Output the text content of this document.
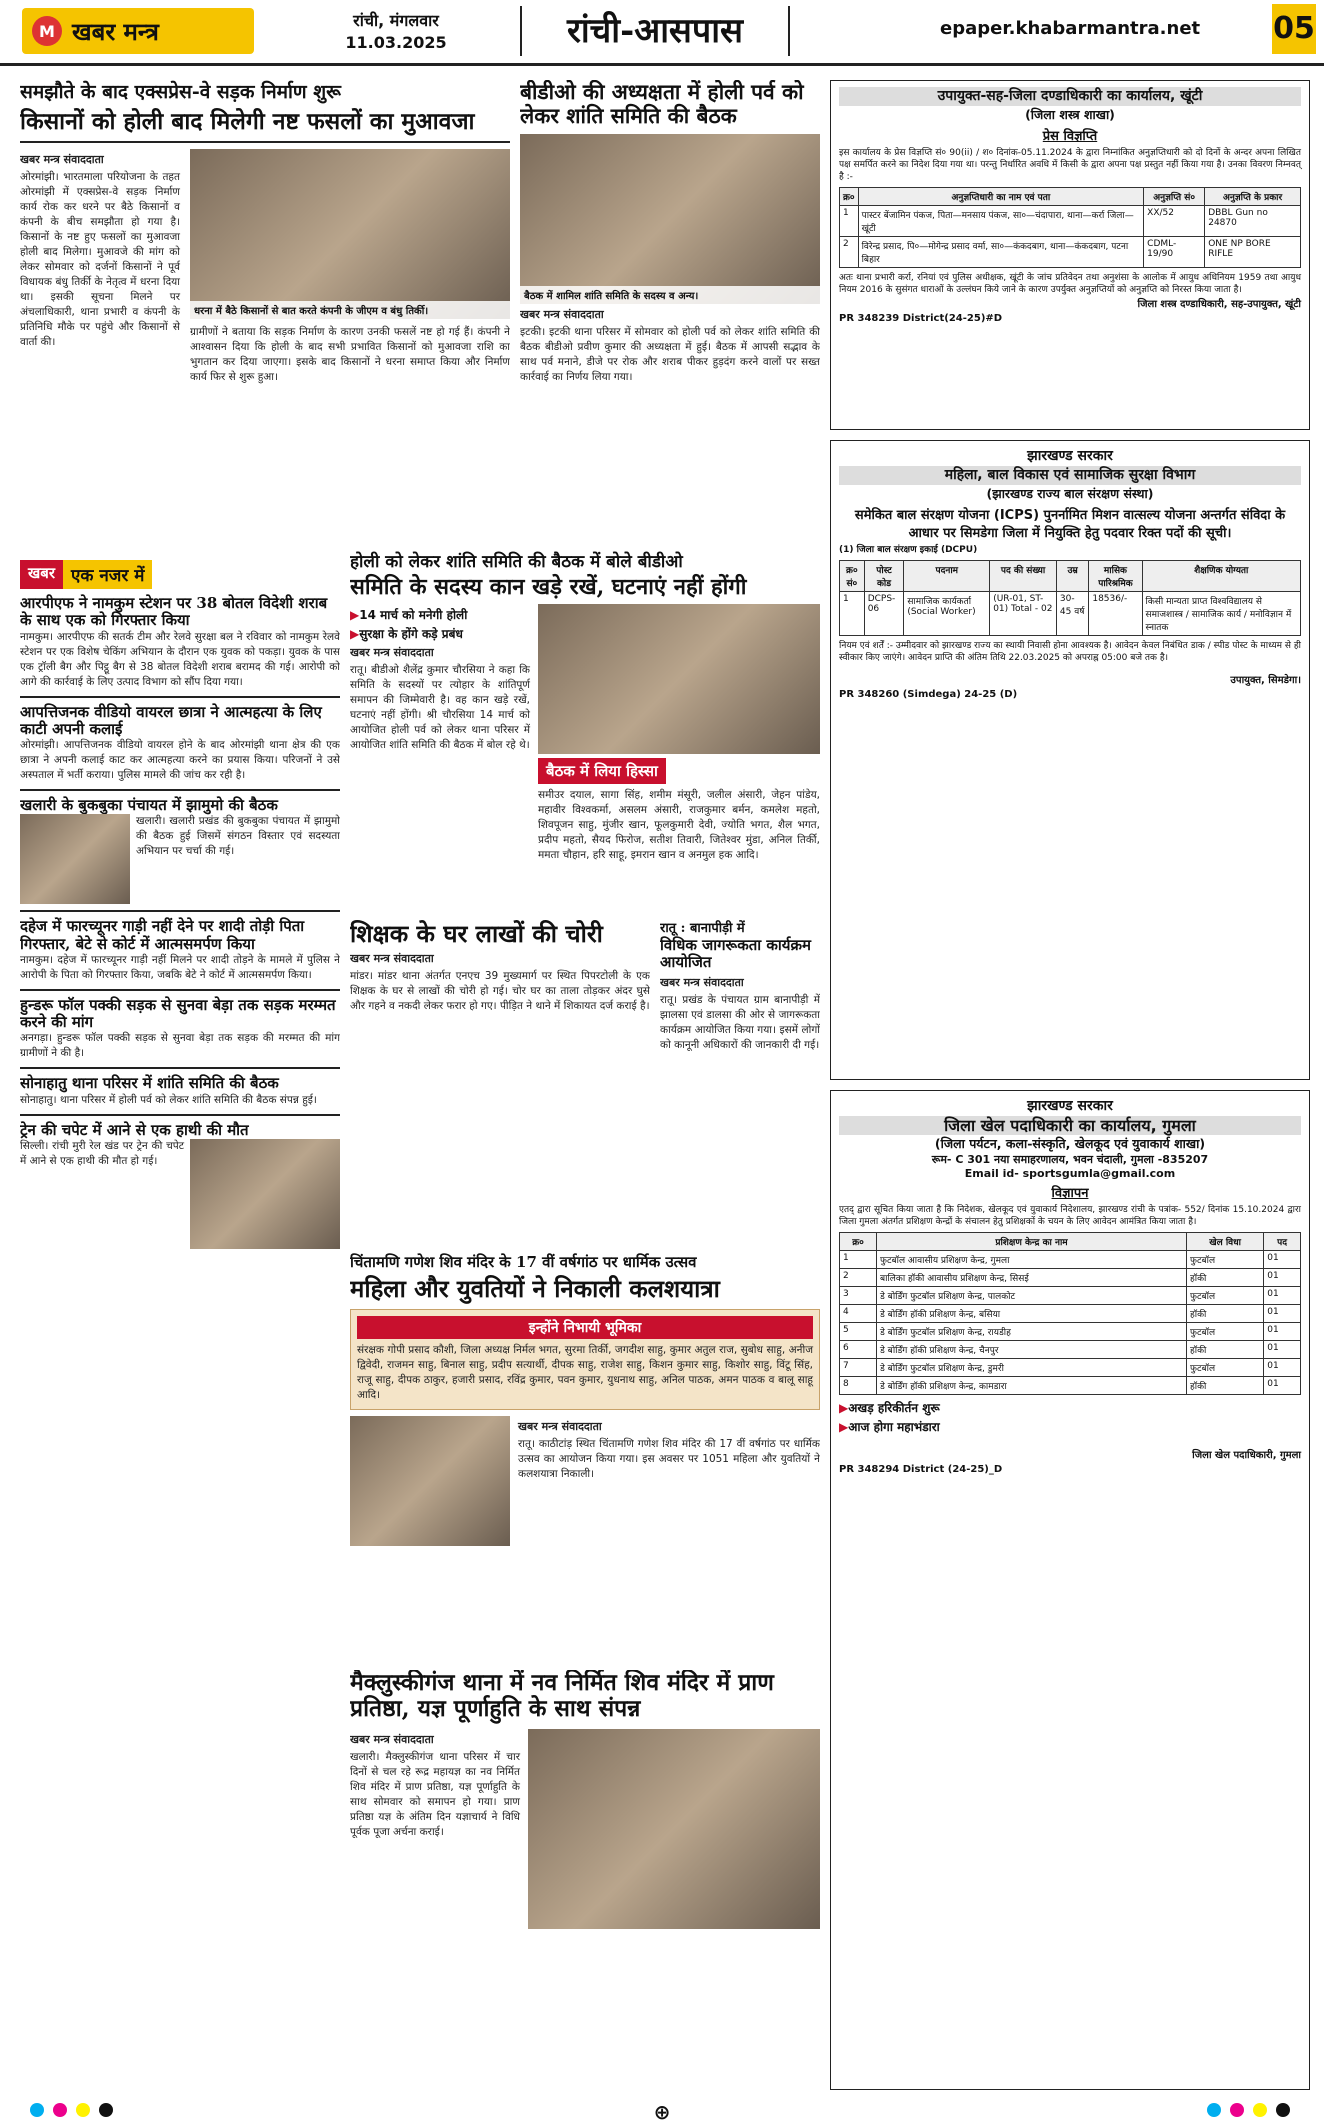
M खबर मन्त्र	रांची, मंगलवार
11.03.2025	रांची-आसपास	epaper.khabarmantra.net 05
समझौते के बाद एक्सप्रेस-वे सड़क निर्माण शुरू
किसानों को होली बाद मिलेगी नष्ट फसलों का मुआवजा
खबर मन्त्र संवाददाता
ओरमांझी। भारतमाला परियोजना के तहत ओरमांझी में एक्सप्रेस-वे सड़क निर्माण कार्य रोक कर धरने पर बैठे किसानों व कंपनी के बीच समझौता हो गया है। किसानों के नष्ट हुए फसलों का मुआवजा होली बाद मिलेगा। मुआवजे की मांग को लेकर सोमवार को दर्जनों किसानों ने पूर्व विधायक बंधु तिर्की के नेतृत्व में धरना दिया था। इसकी सूचना मिलने पर अंचलाधिकारी, थाना प्रभारी व कंपनी के प्रतिनिधि मौके पर पहुंचे और किसानों से वार्ता की।
धरना में बैठे किसानों से बात करते कंपनी के जीएम व बंधु तिर्की।
ग्रामीणों ने बताया कि सड़क निर्माण के कारण उनकी फसलें नष्ट हो गई हैं। कंपनी ने आश्वासन दिया कि होली के बाद सभी प्रभावित किसानों को मुआवजा राशि का भुगतान कर दिया जाएगा। इसके बाद किसानों ने धरना समाप्त किया और निर्माण कार्य फिर से शुरू हुआ।
बीडीओ की अध्यक्षता में होली पर्व को लेकर शांति समिति की बैठक
बैठक में शामिल शांति समिति के सदस्य व अन्य।
खबर मन्त्र संवाददाता
इटकी। इटकी थाना परिसर में सोमवार को होली पर्व को लेकर शांति समिति की बैठक बीडीओ प्रवीण कुमार की अध्यक्षता में हुई। बैठक में आपसी सद्भाव के साथ पर्व मनाने, डीजे पर रोक और शराब पीकर हुड़दंग करने वालों पर सख्त कार्रवाई का निर्णय लिया गया।
खबर एक नजर में
आरपीएफ ने नामकुम स्टेशन पर 38 बोतल विदेशी शराब के साथ एक को गिरफ्तार किया
नामकुम। आरपीएफ की सतर्क टीम और रेलवे सुरक्षा बल ने रविवार को नामकुम रेलवे स्टेशन पर एक विशेष चेकिंग अभियान के दौरान एक युवक को पकड़ा। युवक के पास एक ट्रॉली बैग और पिट्ठू बैग से 38 बोतल विदेशी शराब बरामद की गई। आरोपी को आगे की कार्रवाई के लिए उत्पाद विभाग को सौंप दिया गया।
आपत्तिजनक वीडियो वायरल छात्रा ने आत्महत्या के लिए काटी अपनी कलाई
ओरमांझी। आपत्तिजनक वीडियो वायरल होने के बाद ओरमांझी थाना क्षेत्र की एक छात्रा ने अपनी कलाई काट कर आत्महत्या करने का प्रयास किया। परिजनों ने उसे अस्पताल में भर्ती कराया। पुलिस मामले की जांच कर रही है।
खलारी के बुकबुका पंचायत में झामुमो की बैठक
खलारी। खलारी प्रखंड की बुकबुका पंचायत में झामुमो की बैठक हुई जिसमें संगठन विस्तार एवं सदस्यता अभियान पर चर्चा की गई।
दहेज में फारच्यूनर गाड़ी नहीं देने पर शादी तोड़ी पिता गिरफ्तार, बेटे से कोर्ट में आत्मसमर्पण किया
नामकुम। दहेज में फारच्यूनर गाड़ी नहीं मिलने पर शादी तोड़ने के मामले में पुलिस ने आरोपी के पिता को गिरफ्तार किया, जबकि बेटे ने कोर्ट में आत्मसमर्पण किया।
हुन्डरू फॉल पक्की सड़क से सुनवा बेड़ा तक सड़क मरम्मत करने की मांग
अनगड़ा। हुन्डरू फॉल पक्की सड़क से सुनवा बेड़ा तक सड़क की मरम्मत की मांग ग्रामीणों ने की है।
सोनाहातु थाना परिसर में शांति समिति की बैठक
सोनाहातु। थाना परिसर में होली पर्व को लेकर शांति समिति की बैठक संपन्न हुई।
ट्रेन की चपेट में आने से एक हाथी की मौत
सिल्ली। रांची मुरी रेल खंड पर ट्रेन की चपेट में आने से एक हाथी की मौत हो गई।
होली को लेकर शांति समिति की बैठक में बोले बीडीओ
समिति के सदस्य कान खड़े रखें, घटनाएं नहीं होंगी
▶ 14 मार्च को मनेगी होली
▶ सुरक्षा के होंगे कड़े प्रबंध
खबर मन्त्र संवाददाता
रातू। बीडीओ शैलेंद्र कुमार चौरसिया ने कहा कि समिति के सदस्यों पर त्योहार के शांतिपूर्ण समापन की जिम्मेवारी है। वह कान खड़े रखें, घटनाएं नहीं होंगी। श्री चौरसिया 14 मार्च को आयोजित होली पर्व को लेकर थाना परिसर में आयोजित शांति समिति की बैठक में बोल रहे थे।
बैठक में लिया हिस्सा
समीउर दयाल, सागा सिंह, शमीम मंसूरी, जलील अंसारी, जेहन पांडेय, महावीर विश्वकर्मा, असलम अंसारी, राजकुमार बर्मन, कमलेश महतो, शिवपूजन साहु, मुंजीर खान, फूलकुमारी देवी, ज्योति भगत, शैल भगत, प्रदीप महतो, सैयद फिरोज, सतीश तिवारी, जितेश्वर मुंडा, अनिल तिर्की, ममता चौहान, हरि साहू, इमरान खान व अनमुल हक आदि।
शिक्षक के घर लाखों की चोरी
खबर मन्त्र संवाददाता
मांडर। मांडर थाना अंतर्गत एनएच 39 मुख्यमार्ग पर स्थित पिपरटोली के एक शिक्षक के घर से लाखों की चोरी हो गई। चोर घर का ताला तोड़कर अंदर घुसे और गहने व नकदी लेकर फरार हो गए। पीड़ित ने थाने में शिकायत दर्ज कराई है।
रातू : बानापीड़ी में
विधिक जागरूकता कार्यक्रम आयोजित
खबर मन्त्र संवाददाता
रातू। प्रखंड के पंचायत ग्राम बानापीड़ी में झालसा एवं डालसा की ओर से जागरूकता कार्यक्रम आयोजित किया गया। इसमें लोगों को कानूनी अधिकारों की जानकारी दी गई।
चिंतामणि गणेश शिव मंदिर के 17 वीं वर्षगांठ पर धार्मिक उत्सव
महिला और युवतियों ने निकाली कलशयात्रा
इन्होंने निभायी भूमिका
संरक्षक गोपी प्रसाद कौशी, जिला अध्यक्ष निर्मल भगत, सुरमा तिर्की, जगदीश साहु, कुमार अतुल राज, सुबोध साहु, अनीज द्विवेदी, राजमन साहु, बिनाल साहु, प्रदीप सत्यार्थी, दीपक साहु, राजेश साहु, किशन कुमार साहु, किशोर साहु, विंटू सिंह, राजू साहु, दीपक ठाकुर, हजारी प्रसाद, रविंद्र कुमार, पवन कुमार, युधनाथ साहु, अनिल पाठक, अमन पाठक व बालू साहू आदि।
खबर मन्त्र संवाददाता
रातू। काठीटांड़ स्थित चिंतामणि गणेश शिव मंदिर की 17 वीं वर्षगांठ पर धार्मिक उत्सव का आयोजन किया गया। इस अवसर पर 1051 महिला और युवतियों ने कलशयात्रा निकाली।
मैक्लुस्कीगंज थाना में नव निर्मित शिव मंदिर में प्राण प्रतिष्ठा, यज्ञ पूर्णाहुति के साथ संपन्न
खबर मन्त्र संवाददाता
खलारी। मैक्लुस्कीगंज थाना परिसर में चार दिनों से चल रहे रूद्र महायज्ञ का नव निर्मित शिव मंदिर में प्राण प्रतिष्ठा, यज्ञ पूर्णाहुति के साथ सोमवार को समापन हो गया। प्राण प्रतिष्ठा यज्ञ के अंतिम दिन यज्ञाचार्य ने विधि पूर्वक पूजा अर्चना कराई।
उपायुक्त-सह-जिला दण्डाधिकारी का कार्यालय, खूंटी
(जिला शस्त्र शाखा)
प्रेस विज्ञप्ति
इस कार्यालय के प्रेस विज्ञप्ति सं० 90(ii) / श० दिनांक-05.11.2024 के द्वारा निम्नांकित अनुज्ञप्तिधारी को दो दिनों के अन्दर अपना लिखित पक्ष समर्पित करने का निदेश दिया गया था। परन्तु निर्धारित अवधि में किसी के द्वारा अपना पक्ष प्रस्तुत नहीं किया गया है। उनका विवरण निम्नवत् है :-
क्र०	अनुज्ञप्तिधारी का नाम एवं पता	अनुज्ञप्ति सं०	अनुज्ञप्ति के प्रकार
1	पास्टर बेंजामिन पंकज, पिता—मनसाय पंकज, सा०—चंदापारा, थाना—कर्रा जिला—खूंटी	XX/52	DBBL Gun no 24870
2	विरेन्द्र प्रसाद, पि०—मोगेन्द्र प्रसाद वर्मा, सा०—कंकदबाग, थाना—कंकदबाग, पटना बिहार	CDML-19/90	ONE NP BORE RIFLE
अतः थाना प्रभारी कर्रा, रनियां एवं पुलिस अधीक्षक, खूंटी के जांच प्रतिवेदन तथा अनुशंसा के आलोक में आयुध अधिनियम 1959 तथा आयुध नियम 2016 के सुसंगत धाराओं के उल्लंघन किये जाने के कारण उपर्युक्त अनुज्ञप्तियों को अनुज्ञप्ति को निरस्त किया जाता है।
जिला शस्त्र दण्डाधिकारी, सह-उपायुक्त, खूंटी
PR 348239 District(24-25)#D
झारखण्ड सरकार
महिला, बाल विकास एवं सामाजिक सुरक्षा विभाग
(झारखण्ड राज्य बाल संरक्षण संस्था)
समेकित बाल संरक्षण योजना (ICPS) पुनर्नामित मिशन वात्सल्य योजना अन्तर्गत संविदा के आधार पर सिमडेगा जिला में नियुक्ति हेतु पदवार रिक्त पदों की सूची।
(1) जिला बाल संरक्षण इकाई (DCPU)
क्र० सं०	पोस्ट कोड	पदनाम	पद की संख्या	उम्र	मासिक पारिश्रमिक	शैक्षणिक योग्यता
1	DCPS-06	सामाजिक कार्यकर्ता (Social Worker)	(UR-01, ST-01) Total - 02	30-45 वर्ष	18536/-	किसी मान्यता प्राप्त विश्वविद्यालय से समाजशास्त्र / सामाजिक कार्य / मनोविज्ञान में स्नातक
नियम एवं शर्तें :- उम्मीदवार को झारखण्ड राज्य का स्थायी निवासी होना आवश्यक है। आवेदन केवल निबंधित डाक / स्पीड पोस्ट के माध्यम से ही स्वीकार किए जाएंगे। आवेदन प्राप्ति की अंतिम तिथि 22.03.2025 को अपराह्न 05:00 बजे तक है।
उपायुक्त, सिमडेगा।
PR 348260 (Simdega) 24-25 (D)
झारखण्ड सरकार
जिला खेल पदाधिकारी का कार्यालय, गुमला
(जिला पर्यटन, कला-संस्कृति, खेलकूद एवं युवाकार्य शाखा)
रूम- C 301 नया समाहरणालय, भवन चंदाली, गुमला -835207
Email id- sportsgumla@gmail.com
विज्ञापन
एतद् द्वारा सूचित किया जाता है कि निदेशक, खेलकूद एवं युवाकार्य निदेशालय, झारखण्ड रांची के पत्रांक- 552/ दिनांक 15.10.2024 द्वारा जिला गुमला अंतर्गत प्रशिक्षण केन्द्रों के संचालन हेतु प्रशिक्षकों के चयन के लिए आवेदन आमंत्रित किया जाता है।
क्र०	प्रशिक्षण केन्द्र का नाम	खेल विधा	पद
1	फुटबॉल आवासीय प्रशिक्षण केन्द्र, गुमला	फुटबॉल	01
2	बालिका हॉकी आवासीय प्रशिक्षण केन्द्र, सिसई	हॉकी	01
3	डे बोर्डिंग फुटबॉल प्रशिक्षण केन्द्र, पालकोट	फुटबॉल	01
4	डे बोर्डिंग हॉकी प्रशिक्षण केन्द्र, बसिया	हॉकी	01
5	डे बोर्डिंग फुटबॉल प्रशिक्षण केन्द्र, रायडीह	फुटबॉल	01
6	डे बोर्डिंग हॉकी प्रशिक्षण केन्द्र, चैनपुर	हॉकी	01
7	डे बोर्डिंग फुटबॉल प्रशिक्षण केन्द्र, डुमरी	फुटबॉल	01
8	डे बोर्डिंग हॉकी प्रशिक्षण केन्द्र, कामडारा	हॉकी	01
▶ अखड़ हरिकीर्तन शुरू
▶ आज होगा महाभंडारा
जिला खेल पदाधिकारी, गुमला
PR 348294 District (24-25)_D

⊕
